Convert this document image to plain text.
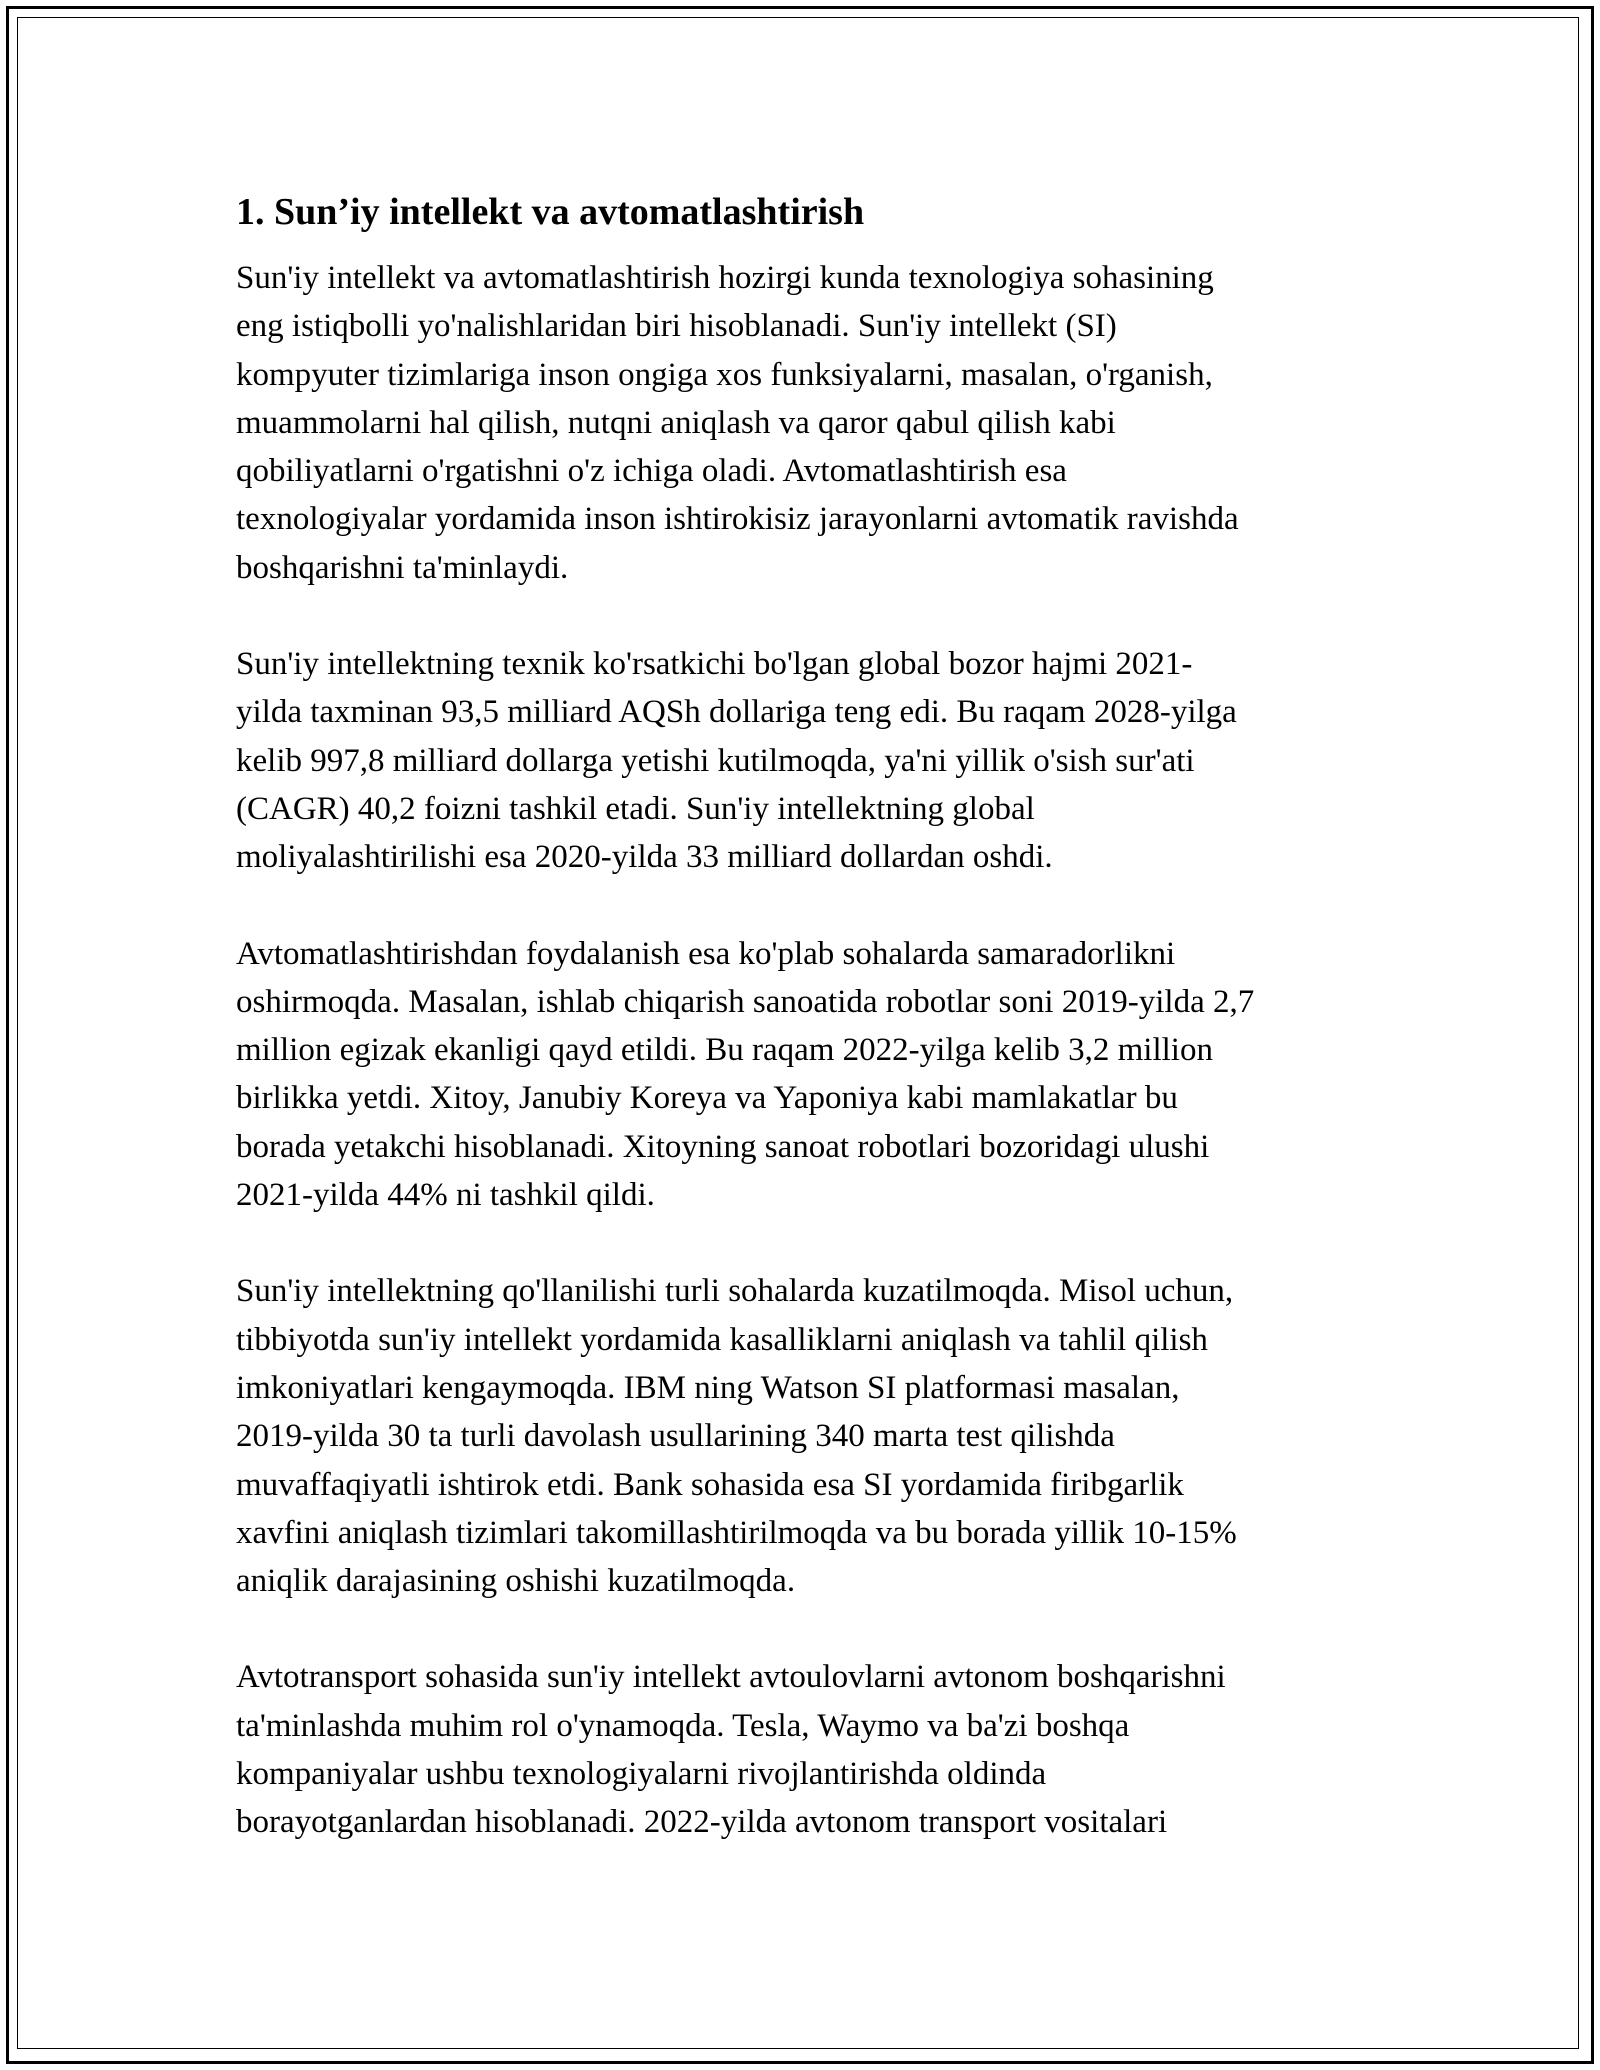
1. Sun’iy intellekt va avtomatlashtirish

Sun'iy intellekt va avtomatlashtirish hozirgi kunda texnologiya sohasining
eng istiqbolli yo'nalishlaridan biri hisoblanadi. Sun'iy intellekt (SI)
kompyuter tizimlariga inson ongiga xos funksiyalarni, masalan, o'rganish,
muammolarni hal qilish, nutqni aniqlash va qaror qabul qilish kabi
qobiliyatlarni o'rgatishni o'z ichiga oladi. Avtomatlashtirish esa
texnologiyalar yordamida inson ishtirokisiz jarayonlarni avtomatik ravishda
boshqarishni ta'minlaydi.

Sun'iy intellektning texnik ko'rsatkichi bo'lgan global bozor hajmi 2021-
yilda taxminan 93,5 milliard AQSh dollariga teng edi. Bu raqam 2028-yilga
kelib 997,8 milliard dollarga yetishi kutilmoqda, ya'ni yillik o'sish sur'ati
(CAGR) 40,2 foizni tashkil etadi. Sun'iy intellektning global
moliyalashtirilishi esa 2020-yilda 33 milliard dollardan oshdi.

Avtomatlashtirishdan foydalanish esa ko'plab sohalarda samaradorlikni
oshirmoqda. Masalan, ishlab chiqarish sanoatida robotlar soni 2019-yilda 2,7
million egizak ekanligi qayd etildi. Bu raqam 2022-yilga kelib 3,2 million
birlikka yetdi. Xitoy, Janubiy Koreya va Yaponiya kabi mamlakatlar bu
borada yetakchi hisoblanadi. Xitoyning sanoat robotlari bozoridagi ulushi
2021-yilda 44% ni tashkil qildi.

Sun'iy intellektning qo'llanilishi turli sohalarda kuzatilmoqda. Misol uchun,
tibbiyotda sun'iy intellekt yordamida kasalliklarni aniqlash va tahlil qilish
imkoniyatlari kengaymoqda. IBM ning Watson SI platformasi masalan,
2019-yilda 30 ta turli davolash usullarining 340 marta test qilishda
muvaffaqiyatli ishtirok etdi. Bank sohasida esa SI yordamida firibgarlik
xavfini aniqlash tizimlari takomillashtirilmoqda va bu borada yillik 10-15%
aniqlik darajasining oshishi kuzatilmoqda.

Avtotransport sohasida sun'iy intellekt avtoulovlarni avtonom boshqarishni
ta'minlashda muhim rol o'ynamoqda. Tesla, Waymo va ba'zi boshqa
kompaniyalar ushbu texnologiyalarni rivojlantirishda oldinda
borayotganlardan hisoblanadi. 2022-yilda avtonom transport vositalari
